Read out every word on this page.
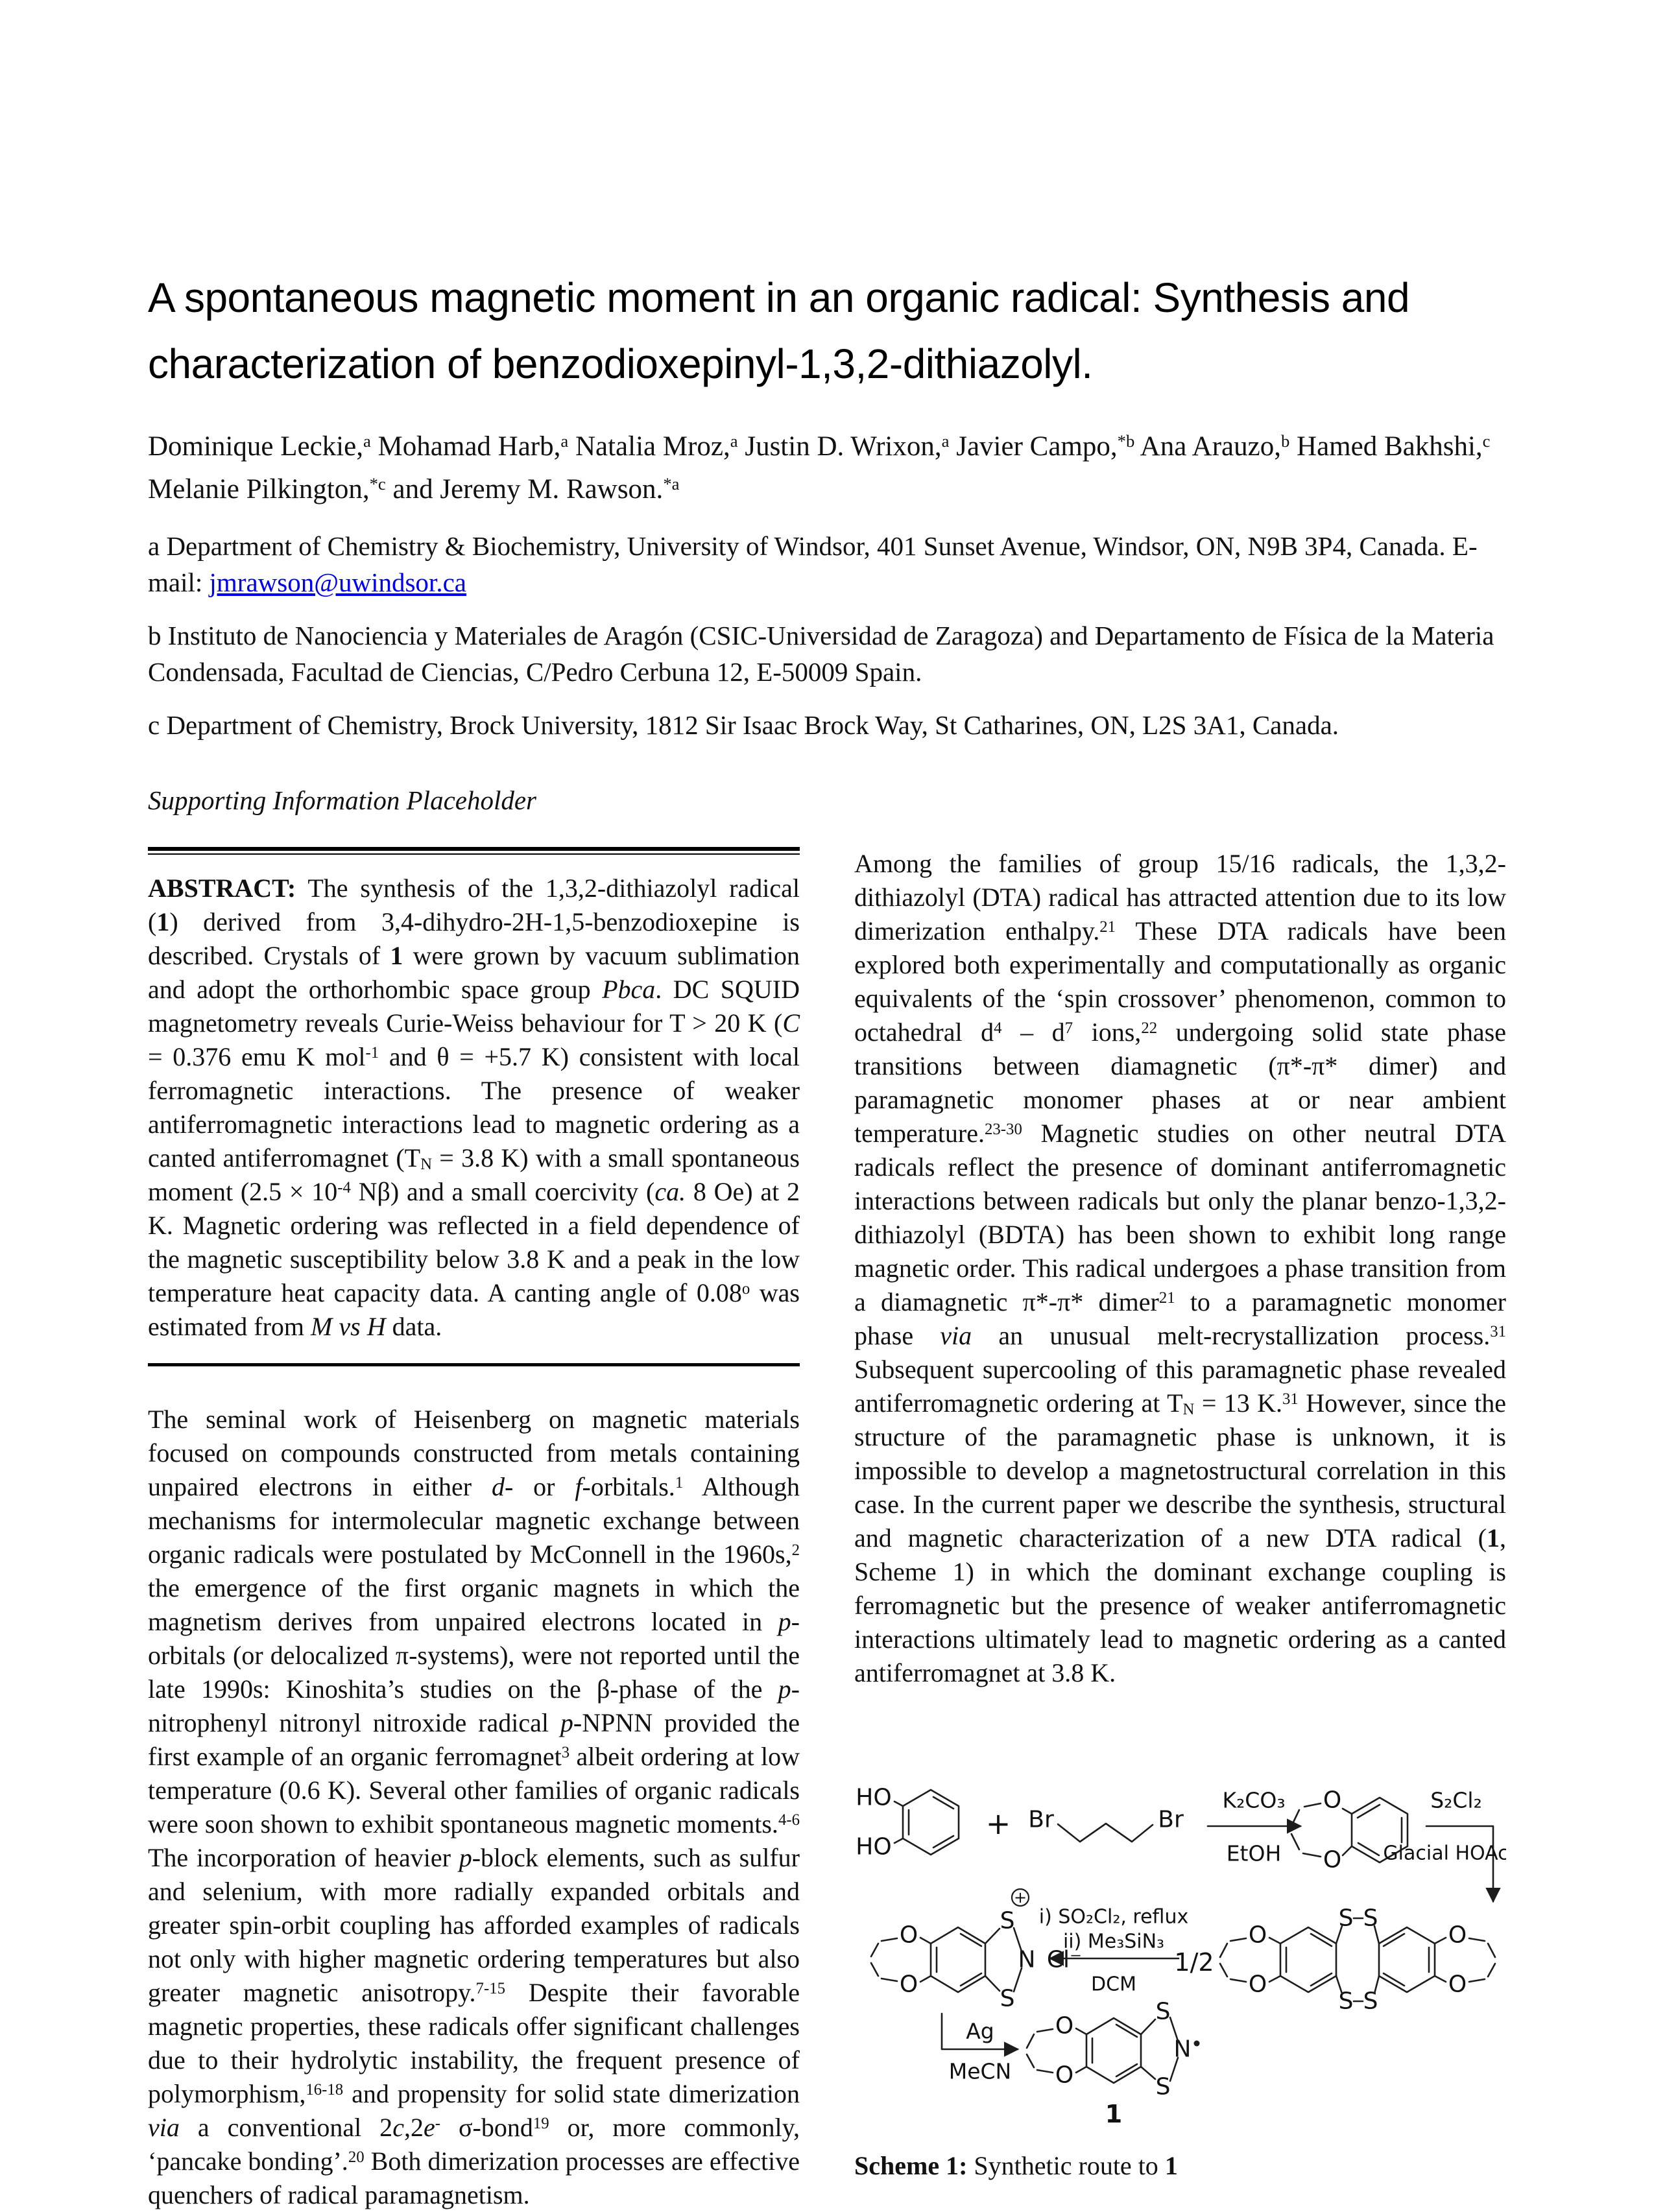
A spontaneous magnetic moment in an organic radical: Synthesis and characterization of benzodioxepinyl-1,3,2-dithiazolyl.

Dominique Leckie,$^a$ Mohamad Harb,$^a$ Natalia Mroz,$^a$ Justin D. Wrixon,$^a$ Javier Campo,$^{*b}$ Ana Arauzo,$^b$ Hamed Bakhshi,$^c$ Melanie Pilkington,$^{*c}$ and Jeremy M. Rawson.$^{*a}$

a Department of Chemistry & Biochemistry, University of Windsor, 401 Sunset Avenue, Windsor, ON, N9B 3P4, Canada. E-mail: jmrawson@uwindsor.ca

b Instituto de Nanociencia y Materiales de Aragón (CSIC-Universidad de Zaragoza) and Departamento de Física de la Materia Condensada, Facultad de Ciencias, C/Pedro Cerbuna 12, E-50009 Spain.

c Department of Chemistry, Brock University, 1812 Sir Isaac Brock Way, St Catharines, ON, L2S 3A1, Canada.

Supporting Information Placeholder

ABSTRACT: The synthesis of the 1,3,2-dithiazolyl radical (1) derived from 3,4-dihydro-2H-1,5-benzodioxepine is described. Crystals of 1 were grown by vacuum sublimation and adopt the orthorhombic space group Pbca. DC SQUID magnetometry reveals Curie-Weiss behaviour for T > 20 K (C = 0.376 emu K mol$^{-1}$ and θ = +5.7 K) consistent with local ferromagnetic interactions. The presence of weaker antiferromagnetic interactions lead to magnetic ordering as a canted antiferromagnet ($T_N = 3.8$ K) with a small spontaneous moment ($2.5 \times 10^{-4}$ Nβ) and a small coercivity (ca. 8 Oe) at 2 K. Magnetic ordering was reflected in a field dependence of the magnetic susceptibility below 3.8 K and a peak in the low temperature heat capacity data. A canting angle of 0.08$^o$ was estimated from M vs H data.

The seminal work of Heisenberg on magnetic materials focused on compounds constructed from metals containing unpaired electrons in either d- or f-orbitals.$^1$ Although mechanisms for intermolecular magnetic exchange between organic radicals were postulated by McConnell in the 1960s,$^2$ the emergence of the first organic magnets in which the magnetism derives from unpaired electrons located in p-orbitals (or delocalized π-systems), were not reported until the late 1990s: Kinoshita’s studies on the β-phase of the p-nitrophenyl nitronyl nitroxide radical p-NPNN provided the first example of an organic ferromagnet$^3$ albeit ordering at low temperature (0.6 K). Several other families of organic radicals were soon shown to exhibit spontaneous magnetic moments.$^{4-6}$ The incorporation of heavier p-block elements, such as sulfur and selenium, with more radially expanded orbitals and greater spin-orbit coupling has afforded examples of radicals not only with higher magnetic ordering temperatures but also greater magnetic anisotropy.$^{7-15}$ Despite their favorable magnetic properties, these radicals offer significant challenges due to their hydrolytic instability, the frequent presence of polymorphism,$^{16-18}$ and propensity for solid state dimerization via a conventional 2c,2e- σ-bond$^{19}$ or, more commonly, ‘pancake bonding’.$^{20}$ Both dimerization processes are effective quenchers of radical paramagnetism.

Among the families of group 15/16 radicals, the 1,3,2-dithiazolyl (DTA) radical has attracted attention due to its low dimerization enthalpy.$^{21}$ These DTA radicals have been explored both experimentally and computationally as organic equivalents of the ‘spin crossover’ phenomenon, common to octahedral $d^4 - d^7$ ions,$^{22}$ undergoing solid state phase transitions between diamagnetic (π*-π* dimer) and paramagnetic monomer phases at or near ambient temperature.$^{23-30}$ Magnetic studies on other neutral DTA radicals reflect the presence of dominant antiferromagnetic interactions between radicals but only the planar benzo-1,3,2-dithiazolyl (BDTA) has been shown to exhibit long range magnetic order. This radical undergoes a phase transition from a diamagnetic π*-π* dimer$^{21}$ to a paramagnetic monomer phase via an unusual melt-recrystallization process.$^{31}$ Subsequent supercooling of this paramagnetic phase revealed antiferromagnetic ordering at $T_N = 13$ K.$^{31}$ However, since the structure of the paramagnetic phase is unknown, it is impossible to develop a magnetostructural correlation in this case. In the current paper we describe the synthesis, structural and magnetic characterization of a new DTA radical (1, Scheme 1) in which the dominant exchange coupling is ferromagnetic but the presence of weaker antiferromagnetic interactions ultimately lead to magnetic ordering as a canted antiferromagnet at 3.8 K.

HO
HO
+ Br	Br
K₂CO₃
EtOH
O
O
S₂Cl₂
Glacial HOAc
O
O
S
N
S
+
Cl⁻
i) SO₂Cl₂, reflux
ii) Me₃SiN₃
DCM
1/2
S S
S S
O
O
O
O
Ag
MeCN
O
O
S
N
S
1
Scheme 1: Synthetic route to 1
